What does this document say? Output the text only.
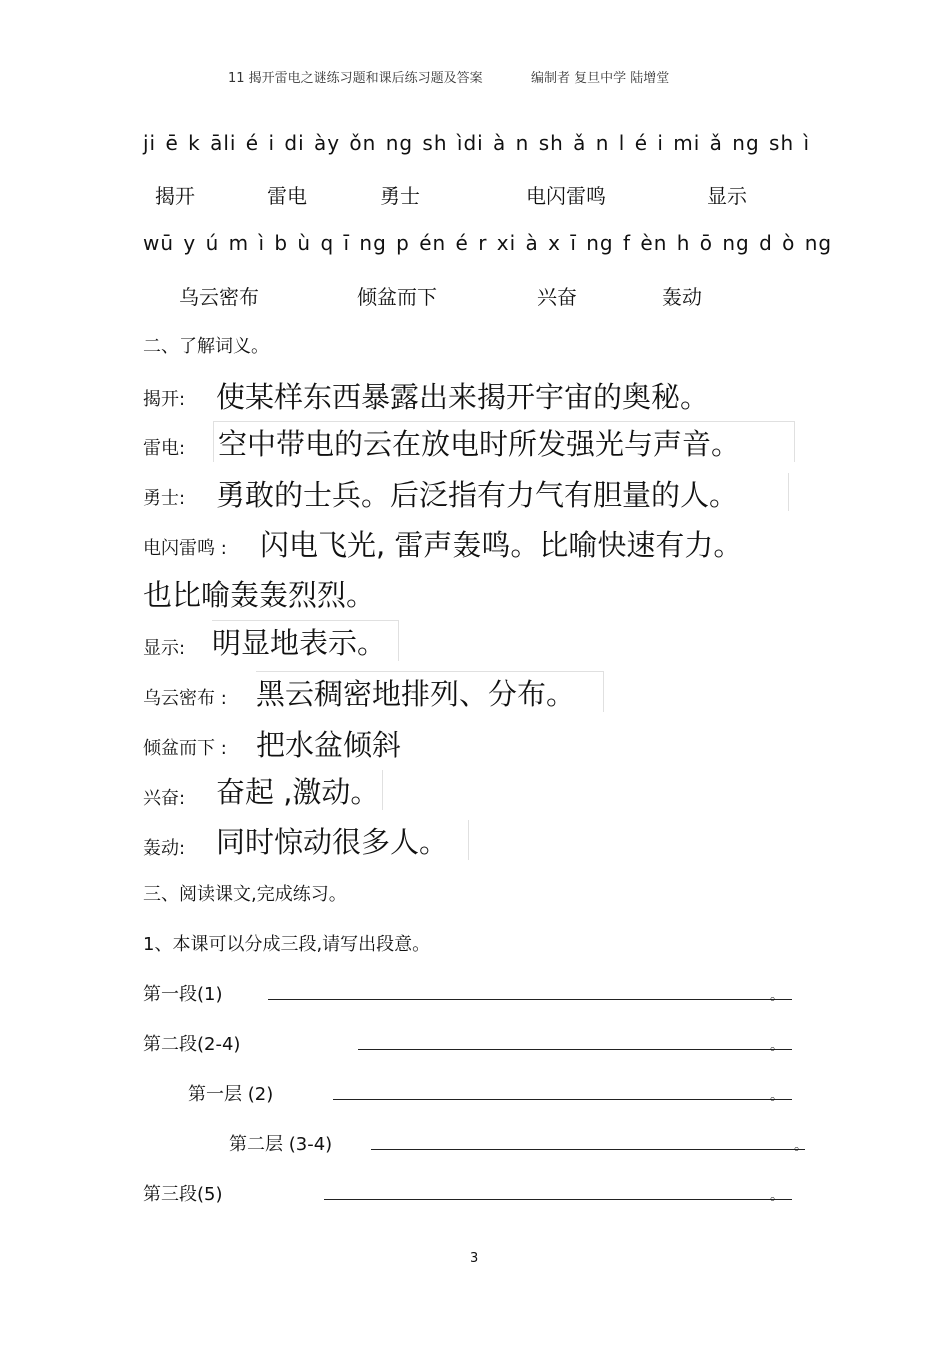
11 揭开雷电之谜练习题和课后练习题及答案	编制者 复旦中学 陆增堂
ji ē k āli é i di ày ǒn ng sh ìdi à n sh ǎ n l é i mi ǎ ng sh ì
揭开	雷电	勇士	电闪雷鸣	显示
wū y ú m ì b ù q ī ng p én é r xi à x ī ng f èn h ō ng d ò ng
乌云密布	倾盆而下	兴奋	轰动
二、了解词义。
揭开: 使某样东西暴露出来揭开宇宙的奥秘。
雷电: 空中带电的云在放电时所发强光与声音。
勇士: 勇敢的士兵。后泛指有力气有胆量的人。
电闪雷鸣 : 闪电飞光, 雷声轰鸣。比喻快速有力。
也比喻轰轰烈烈。
显示: 明显地表示。
乌云密布 : 黑云稠密地排列、分布。
倾盆而下 : 把水盆倾斜
兴奋: 奋起 ,激动。
轰动: 同时惊动很多人。
三、阅读课文,完成练习。
1、本课可以分成三段,请写出段意。
第一段(1)	。
第二段(2-4)	。
第一层 (2)	。
第二层 (3-4)	。
第三段(5)	。
3
